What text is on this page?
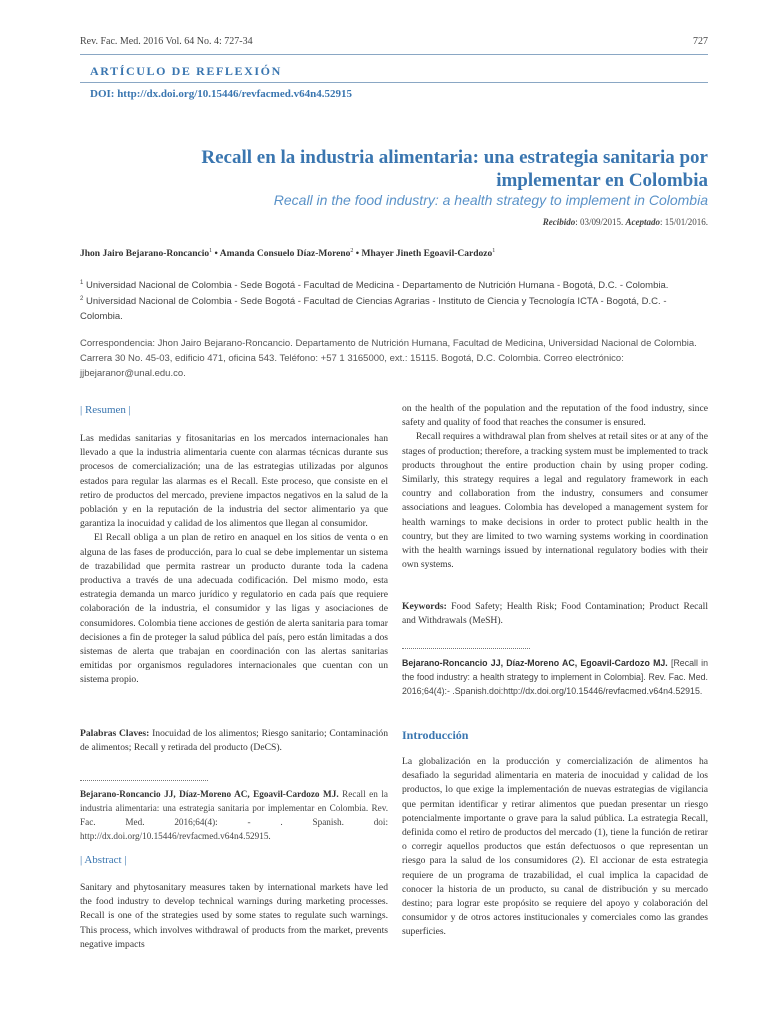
Rev. Fac. Med. 2016 Vol. 64 No. 4: 727-34	727
ARTÍCULO DE REFLEXIÓN
DOI: http://dx.doi.org/10.15446/revfacmed.v64n4.52915
Recall en la industria alimentaria: una estrategia sanitaria por implementar en Colombia
Recall in the food industry: a health strategy to implement in Colombia
Recibido: 03/09/2015. Aceptado: 15/01/2016.
Jhon Jairo Bejarano-Roncancio$^1$ • Amanda Consuelo Díaz-Moreno$^2$ • Mhayer Jineth Egoavil-Cardozo$^1$
$^1$ Universidad Nacional de Colombia - Sede Bogotá - Facultad de Medicina - Departamento de Nutrición Humana - Bogotá, D.C. - Colombia.
$^2$ Universidad Nacional de Colombia - Sede Bogotá - Facultad de Ciencias Agrarias - Instituto de Ciencia y Tecnología ICTA - Bogotá, D.C. - Colombia.
Correspondencia: Jhon Jairo Bejarano-Roncancio. Departamento de Nutrición Humana, Facultad de Medicina, Universidad Nacional de Colombia. Carrera 30 No. 45-03, edificio 471, oficina 543. Teléfono: +57 1 3165000, ext.: 15115. Bogotá, D.C. Colombia. Correo electrónico: jjbejaranor@unal.edu.co.
| Resumen |

Las medidas sanitarias y fitosanitarias en los mercados internacionales han llevado a que la industria alimentaria cuente con alarmas técnicas durante sus procesos de comercialización; una de las estrategias utilizadas por algunos estados para regular las alarmas es el Recall. Este proceso, que consiste en el retiro de productos del mercado, previene impactos negativos en la salud de la población y en la reputación de la industria del sector alimentario ya que garantiza la inocuidad y calidad de los alimentos que llegan al consumidor.

El Recall obliga a un plan de retiro en anaquel en los sitios de venta o en alguna de las fases de producción, para lo cual se debe implementar un sistema de trazabilidad que permita rastrear un producto durante toda la cadena productiva a través de una adecuada codificación. Del mismo modo, esta estrategia demanda un marco jurídico y regulatorio en cada país que requiere colaboración de la industria, el consumidor y las ligas y asociaciones de consumidores. Colombia tiene acciones de gestión de alerta sanitaria para tomar decisiones a fin de proteger la salud pública del país, pero están limitadas a dos sistemas de alerta que trabajan en coordinación con las alertas sanitarias emitidas por organismos reguladores internacionales que cuentan con un sistema propio.

Palabras Claves: Inocuidad de los alimentos; Riesgo sanitario; Contaminación de alimentos; Recall y retirada del producto (DeCS).
Bejarano-Roncancio JJ, Díaz-Moreno AC, Egoavil-Cardozo MJ. Recall en la industria alimentaria: una estrategia sanitaria por implementar en Colombia. Rev. Fac. Med. 2016;64(4): - . Spanish. doi: http://dx.doi.org/10.15446/revfacmed.v64n4.52915.
| Abstract |

Sanitary and phytosanitary measures taken by international markets have led the food industry to develop technical warnings during marketing processes. Recall is one of the strategies used by some states to regulate such warnings. This process, which involves withdrawal of products from the market, prevents negative impacts

on the health of the population and the reputation of the food industry, since safety and quality of food that reaches the consumer is ensured.

Recall requires a withdrawal plan from shelves at retail sites or at any of the stages of production; therefore, a tracking system must be implemented to track products throughout the entire production chain by using proper coding. Similarly, this strategy requires a legal and regulatory framework in each country and collaboration from the industry, consumers and consumer associations and leagues. Colombia has developed a management system for health warnings to make decisions in order to protect public health in the country, but they are limited to two warning systems working in coordination with the health warnings issued by international regulatory bodies with their own systems.

Keywords: Food Safety; Health Risk; Food Contamination; Product Recall and Withdrawals (MeSH).
Bejarano-Roncancio JJ, Díaz-Moreno AC, Egoavil-Cardozo MJ. [Recall in the food industry: a health strategy to implement in Colombia]. Rev. Fac. Med. 2016;64(4):- .Spanish.doi:http://dx.doi.org/10.15446/revfacmed.v64n4.52915.
Introducción

La globalización en la producción y comercialización de alimentos ha desafiado la seguridad alimentaria en materia de inocuidad y calidad de los productos, lo que exige la implementación de nuevas estrategias de vigilancia que permitan identificar y retirar alimentos que puedan presentar un riesgo potencialmente importante o grave para la salud pública. La estrategia Recall, definida como el retiro de productos del mercado (1), tiene la función de retirar o corregir aquellos productos que están defectuosos o que representan un riesgo para la salud de los consumidores (2). El accionar de esta estrategia requiere de un programa de trazabilidad, el cual implica la capacidad de conocer la historia de un producto, su canal de distribución y su mercado destino; para lograr este propósito se requiere del apoyo y colaboración del consumidor y de otros actores institucionales y comerciales como las grandes superficies.
